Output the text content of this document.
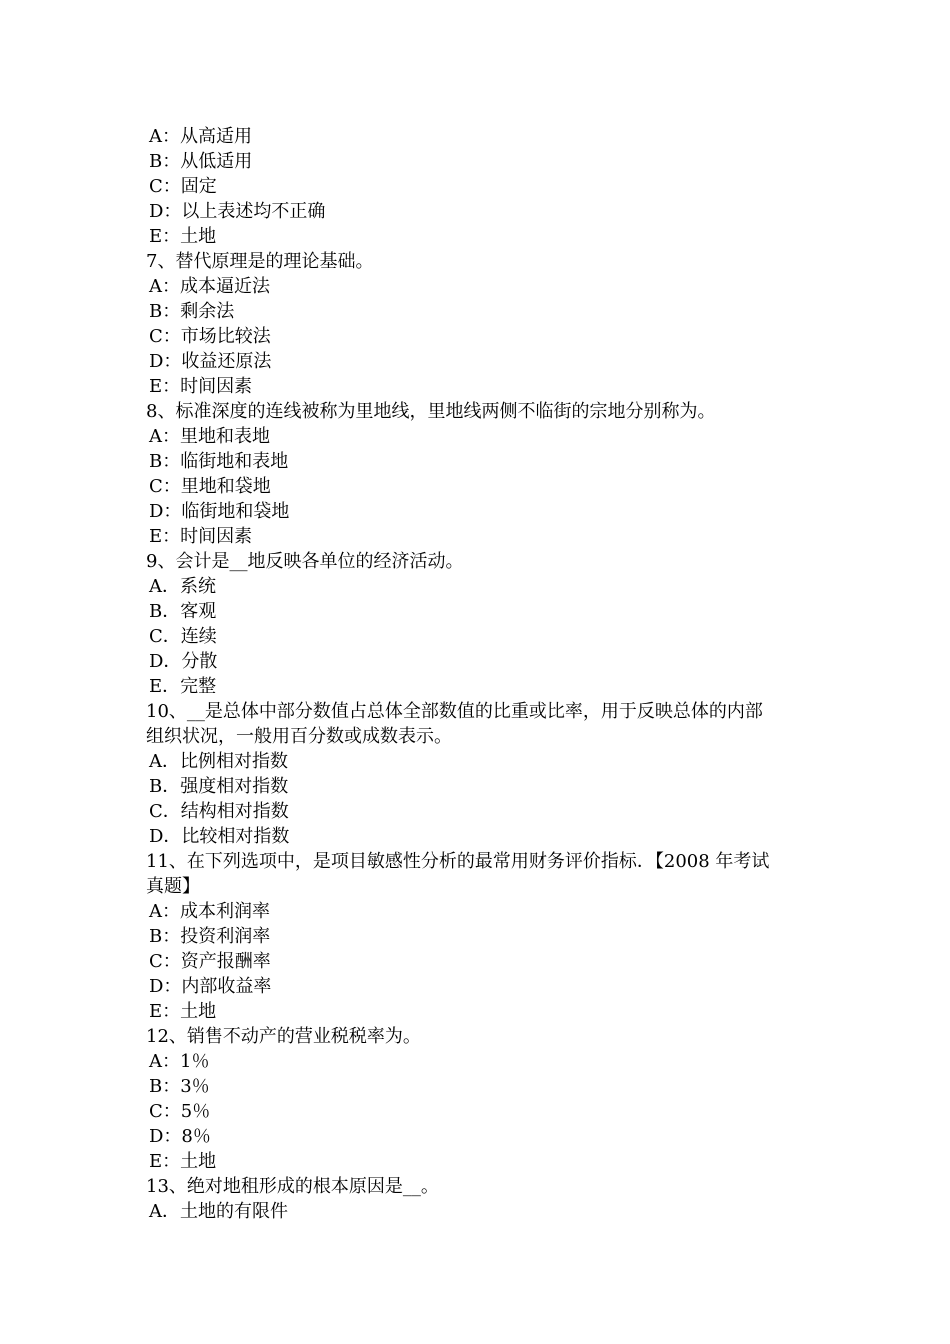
A：从高适用
B：从低适用
C：固定
D：以上表述均不正确
E：土地
7、替代原理是的理论基础。
A：成本逼近法
B：剩余法
C：市场比较法
D：收益还原法
E：时间因素
8、标准深度的连线被称为里地线，里地线两侧不临街的宗地分别称为。
A：里地和表地
B：临街地和表地
C：里地和袋地
D：临街地和袋地
E：时间因素
9、会计是__地反映各单位的经济活动。
A．系统
B．客观
C．连续
D．分散
E．完整
10、__是总体中部分数值占总体全部数值的比重或比率，用于反映总体的内部
组织状况，一般用百分数或成数表示。
A．比例相对指数
B．强度相对指数
C．结构相对指数
D．比较相对指数
11、在下列选项中，是项目敏感性分析的最常用财务评价指标．【2008 年考试
真题】
A：成本利润率
B：投资利润率
C：资产报酬率
D：内部收益率
E：土地
12、销售不动产的营业税税率为。
A：1％
B：3％
C：5％
D：8％
E：土地
13、绝对地租形成的根本原因是__。
A．土地的有限件
